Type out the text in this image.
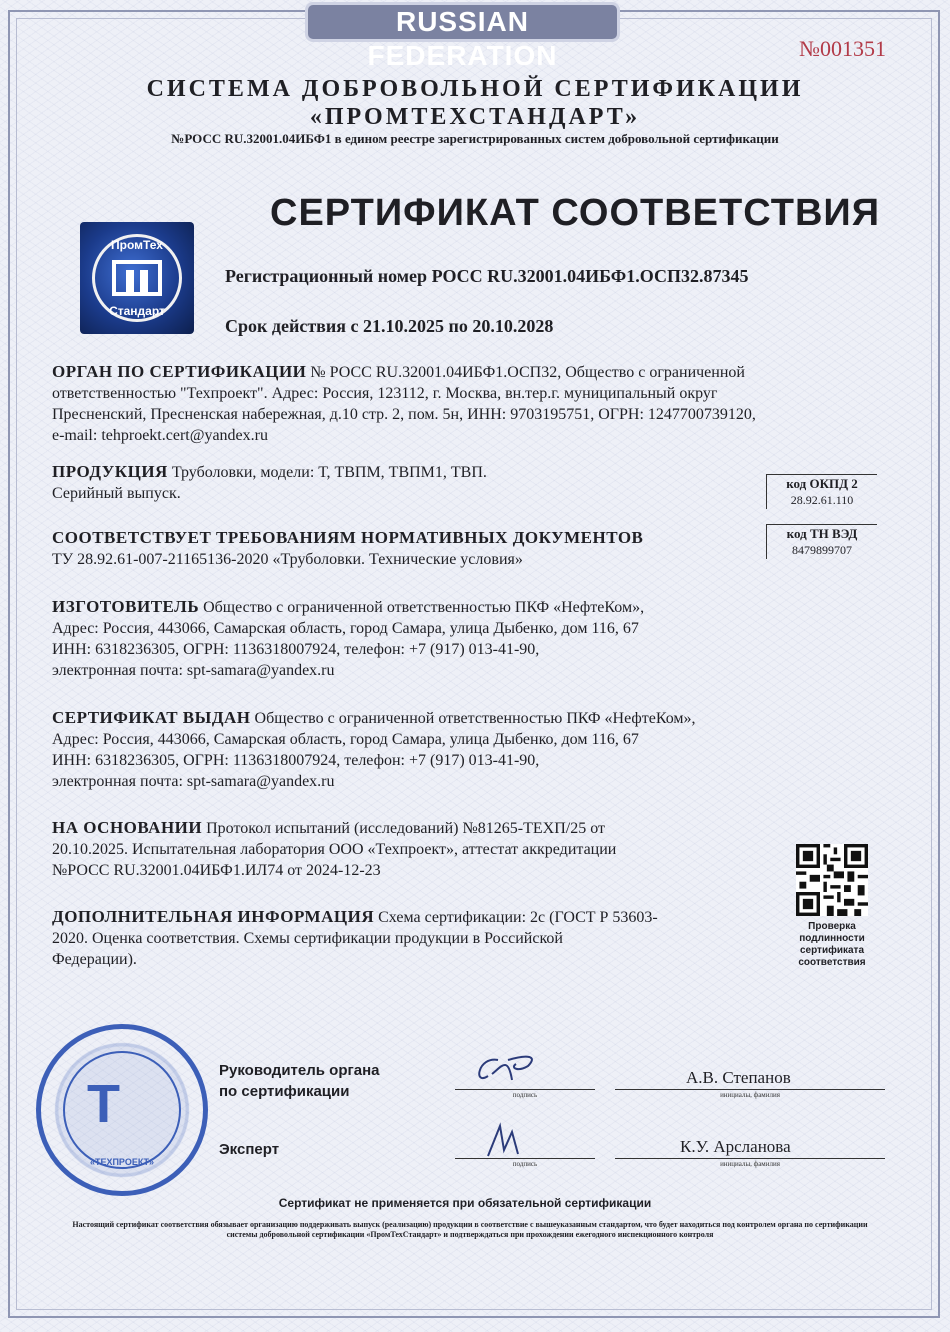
RUSSIAN FEDERATION	№001351
СИСТЕМА ДОБРОВОЛЬНОЙ СЕРТИФИКАЦИИ
«ПРОМТЕХСТАНДАРТ»
№РОСС RU.32001.04ИБФ1 в едином реестре зарегистрированных систем добровольной сертификации
СЕРТИФИКАТ СООТВЕТСТВИЯ
ПромТех
Стандарт
Регистрационный номер РОСС RU.32001.04ИБФ1.ОСП32.87345
Срок действия с 21.10.2025 по 20.10.2028
ОРГАН ПО СЕРТИФИКАЦИИ № РОСС RU.32001.04ИБФ1.ОСП32, Общество с ограниченной
ответственностью "Техпроект". Адрес: Россия, 123112, г. Москва, вн.тер.г. муниципальный округ
Пресненский, Пресненская набережная, д.10 стр. 2, пом. 5н, ИНН: 9703195751, ОГРН: 1247700739120,
e-mail: tehproekt.cert@yandex.ru
ПРОДУКЦИЯ Труболовки, модели: Т, ТВПМ, ТВПМ1, ТВП.
Серийный выпуск.
код ОКПД 2
28.92.61.110
код ТН ВЭД
8479899707
СООТВЕТСТВУЕТ ТРЕБОВАНИЯМ НОРМАТИВНЫХ ДОКУМЕНТОВ
ТУ 28.92.61-007-21165136-2020 «Труболовки. Технические условия»
ИЗГОТОВИТЕЛЬ Общество с ограниченной ответственностью ПКФ «НефтеКом»,
Адрес: Россия, 443066, Самарская область, город Самара, улица Дыбенко, дом 116, 67
ИНН: 6318236305, ОГРН: 1136318007924, телефон: +7 (917) 013-41-90,
электронная почта: spt-samara@yandex.ru
СЕРТИФИКАТ ВЫДАН Общество с ограниченной ответственностью ПКФ «НефтеКом»,
Адрес: Россия, 443066, Самарская область, город Самара, улица Дыбенко, дом 116, 67
ИНН: 6318236305, ОГРН: 1136318007924, телефон: +7 (917) 013-41-90,
электронная почта: spt-samara@yandex.ru
НА ОСНОВАНИИ Протокол испытаний (исследований) №81265-ТЕХП/25 от
20.10.2025. Испытательная лаборатория ООО «Техпроект», аттестат аккредитации
№РОСС RU.32001.04ИБФ1.ИЛ74 от 2024-12-23
ДОПОЛНИТЕЛЬНАЯ ИНФОРМАЦИЯ Схема сертификации: 2с (ГОСТ Р 53603-
2020. Оценка соответствия. Схемы сертификации продукции в Российской
Федерации).
Проверка подлинности сертификата соответствия
Т
«ТЕХПРОЕКТ»
Руководитель органа
по сертификации	подпись
А.В. Степанов
инициалы, фамилия
Эксперт
подпись
К.У. Арсланова
инициалы, фамилия
Сертификат не применяется при обязательной сертификации
Настоящий сертификат соответствия обязывает организацию поддерживать выпуск (реализацию) продукции в соответствие с вышеуказанным стандартом, что будет находиться под контролем органа по сертификации системы добровольной сертификации «ПромТехСтандарт» и подтверждаться при прохождении ежегодного инспекционного контроля
